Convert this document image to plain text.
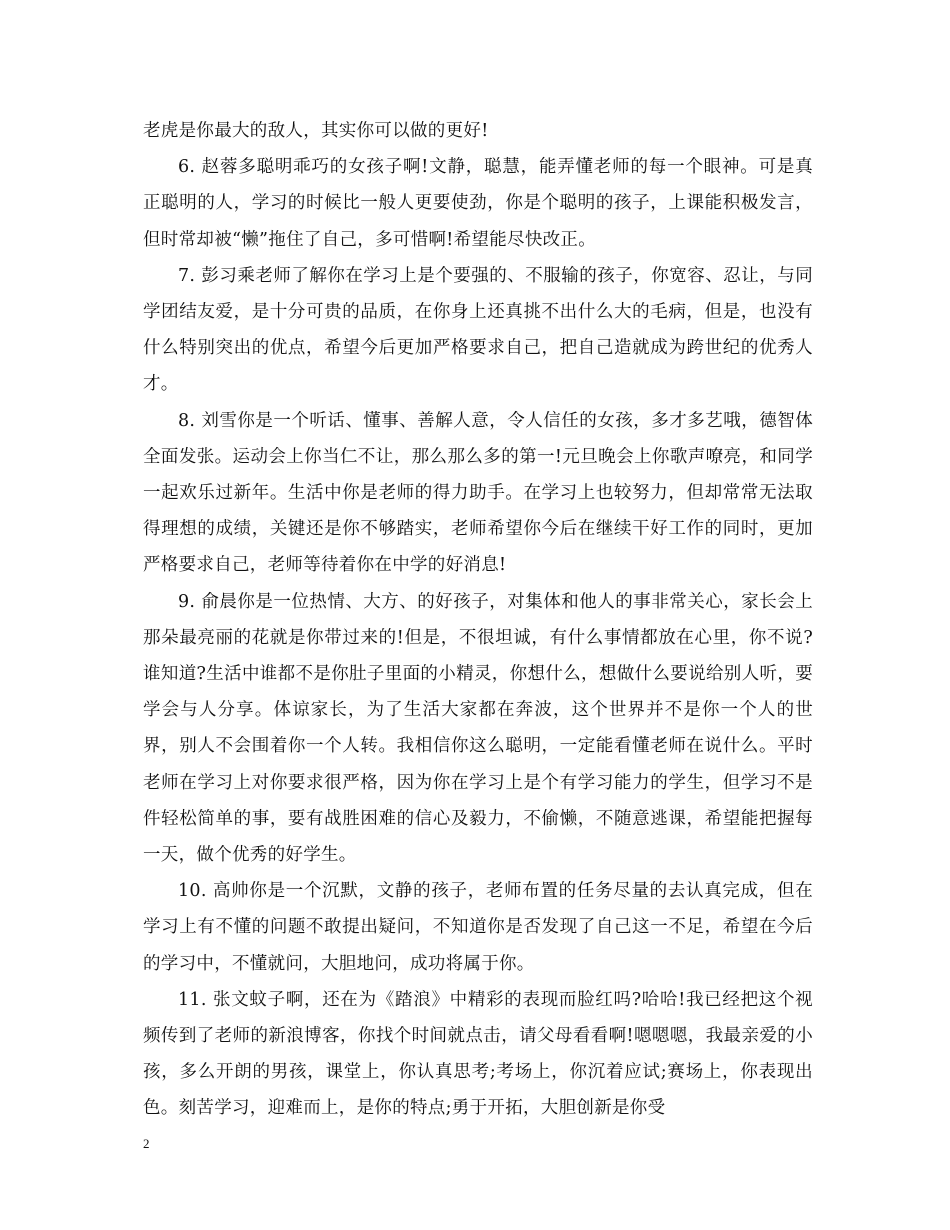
老虎是你最大的敌人，其实你可以做的更好!

6. 赵蓉多聪明乖巧的女孩子啊!文静，聪慧，能弄懂老师的每一个眼神。可是真正聪明的人，学习的时候比一般人更要使劲，你是个聪明的孩子，上课能积极发言，但时常却被“懒”拖住了自己，多可惜啊!希望能尽快改正。

7. 彭习乘老师了解你在学习上是个要强的、不服输的孩子，你宽容、忍让，与同学团结友爱，是十分可贵的品质，在你身上还真挑不出什么大的毛病，但是，也没有什么特别突出的优点，希望今后更加严格要求自己，把自己造就成为跨世纪的优秀人才。

8. 刘雪你是一个听话、懂事、善解人意，令人信任的女孩，多才多艺哦，德智体全面发张。运动会上你当仁不让，那么那么多的第一!元旦晚会上你歌声嘹亮，和同学一起欢乐过新年。生活中你是老师的得力助手。在学习上也较努力，但却常常无法取得理想的成绩，关键还是你不够踏实，老师希望你今后在继续干好工作的同时，更加严格要求自己，老师等待着你在中学的好消息!

9. 俞晨你是一位热情、大方、的好孩子，对集体和他人的事非常关心，家长会上那朵最亮丽的花就是你带过来的!但是，不很坦诚，有什么事情都放在心里，你不说?谁知道?生活中谁都不是你肚子里面的小精灵，你想什么，想做什么要说给别人听，要学会与人分享。体谅家长，为了生活大家都在奔波，这个世界并不是你一个人的世界，别人不会围着你一个人转。我相信你这么聪明，一定能看懂老师在说什么。平时老师在学习上对你要求很严格，因为你在学习上是个有学习能力的学生，但学习不是件轻松简单的事，要有战胜困难的信心及毅力，不偷懒，不随意逃课，希望能把握每一天，做个优秀的好学生。

10. 高帅你是一个沉默，文静的孩子，老师布置的任务尽量的去认真完成，但在学习上有不懂的问题不敢提出疑问，不知道你是否发现了自己这一不足，希望在今后的学习中，不懂就问，大胆地问，成功将属于你。

11. 张文蚊子啊，还在为《踏浪》中精彩的表现而脸红吗?哈哈!我已经把这个视频传到了老师的新浪博客，你找个时间就点击，请父母看看啊!嗯嗯嗯，我最亲爱的小孩，多么开朗的男孩，课堂上，你认真思考;考场上，你沉着应试;赛场上，你表现出色。刻苦学习，迎难而上，是你的特点;勇于开拓，大胆创新是你受

2
